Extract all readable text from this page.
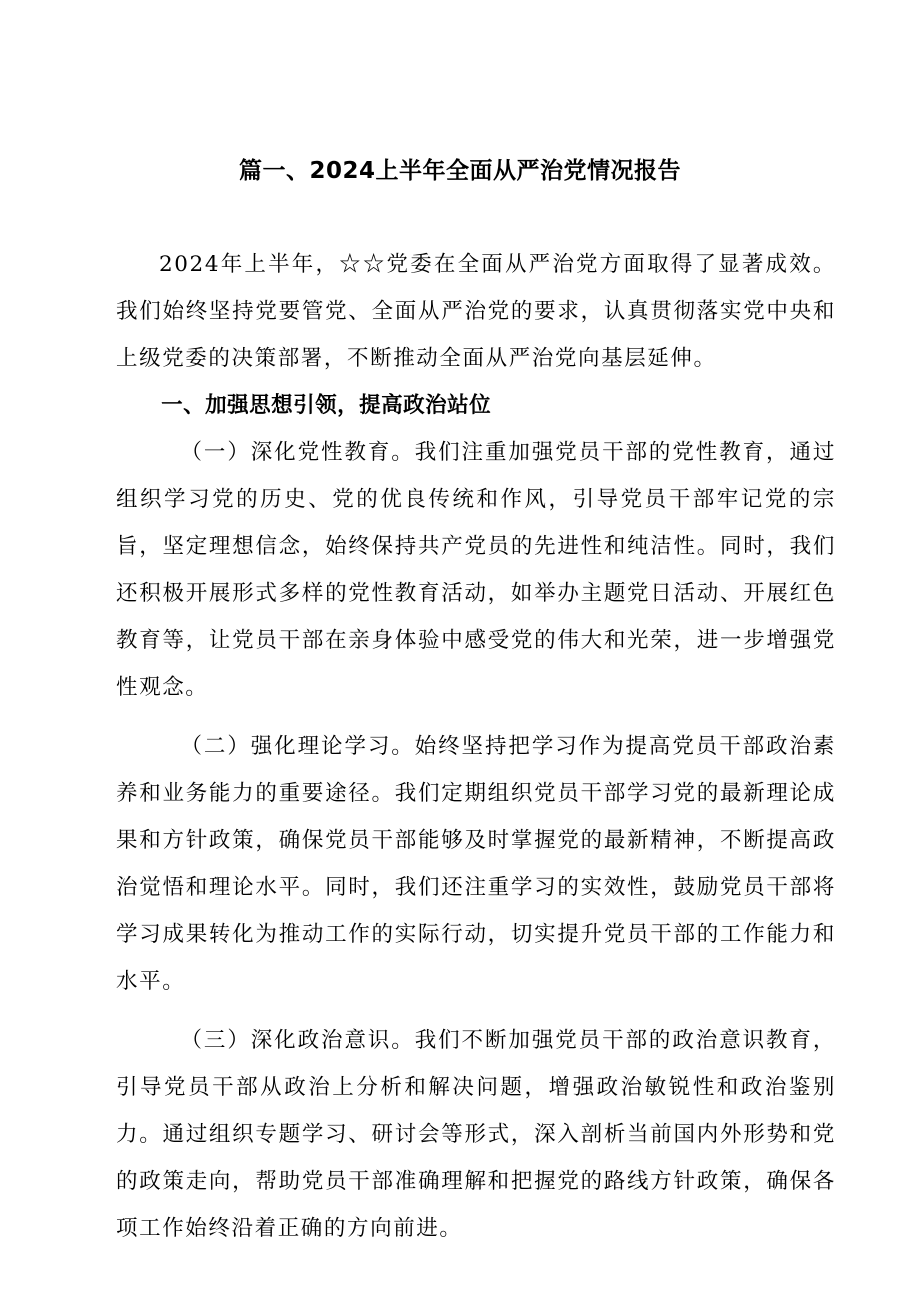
篇一、2024上半年全面从严治党情况报告

2024年上半年，☆☆党委在全面从严治党方面取得了显著成效。我们始终坚持党要管党、全面从严治党的要求，认真贯彻落实党中央和上级党委的决策部署，不断推动全面从严治党向基层延伸。

一、加强思想引领，提高政治站位

（一）深化党性教育。我们注重加强党员干部的党性教育，通过组织学习党的历史、党的优良传统和作风，引导党员干部牢记党的宗旨，坚定理想信念，始终保持共产党员的先进性和纯洁性。同时，我们还积极开展形式多样的党性教育活动，如举办主题党日活动、开展红色教育等，让党员干部在亲身体验中感受党的伟大和光荣，进一步增强党性观念。

（二）强化理论学习。始终坚持把学习作为提高党员干部政治素养和业务能力的重要途径。我们定期组织党员干部学习党的最新理论成果和方针政策，确保党员干部能够及时掌握党的最新精神，不断提高政治觉悟和理论水平。同时，我们还注重学习的实效性，鼓励党员干部将学习成果转化为推动工作的实际行动，切实提升党员干部的工作能力和水平。

（三）深化政治意识。我们不断加强党员干部的政治意识教育，引导党员干部从政治上分析和解决问题，增强政治敏锐性和政治鉴别力。通过组织专题学习、研讨会等形式，深入剖析当前国内外形势和党的政策走向，帮助党员干部准确理解和把握党的路线方针政策，确保各项工作始终沿着正确的方向前进。
